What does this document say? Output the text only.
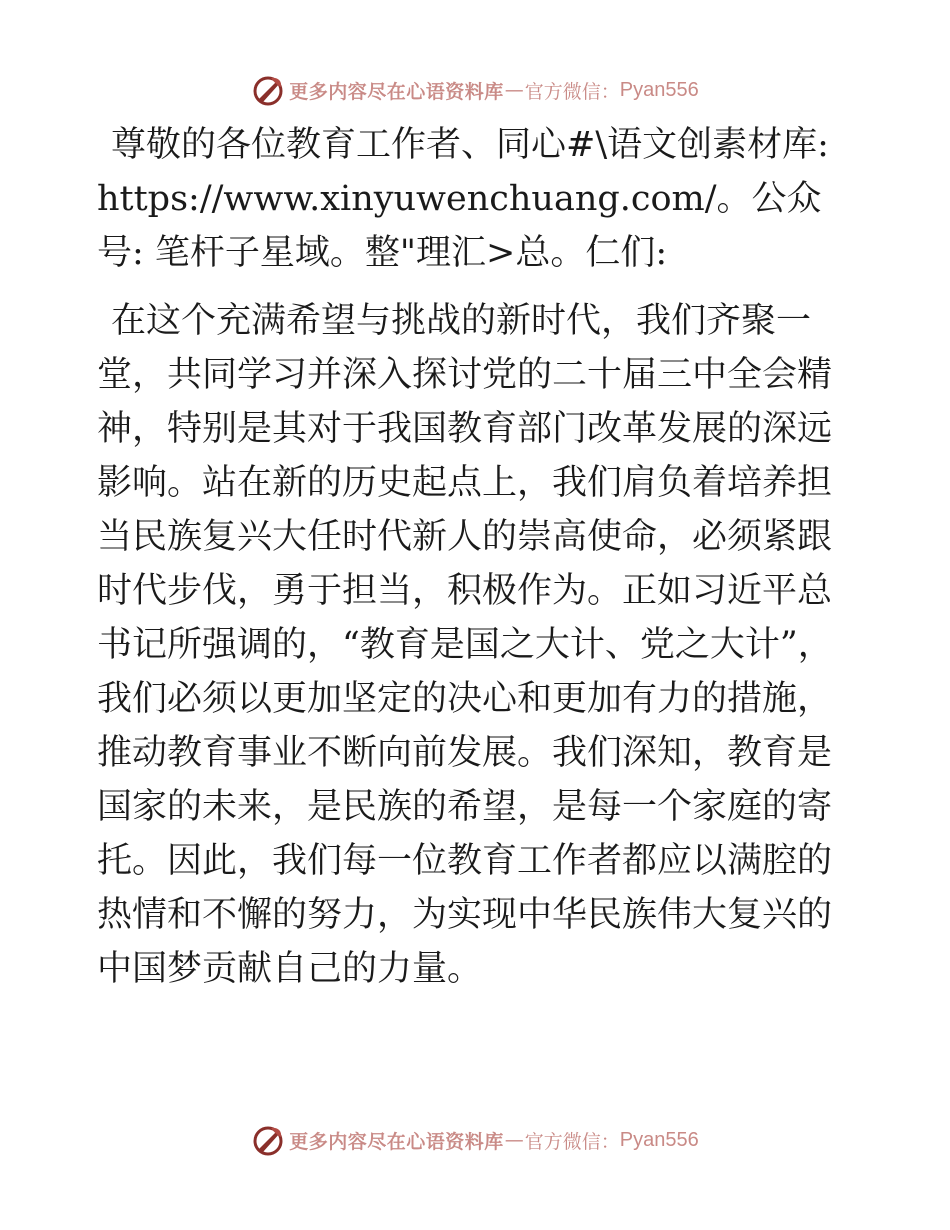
更多内容尽在心语资料库 — 官方微信： Pyan556

尊敬的各位教育工作者、同心#\语文创素材库: https://www.xinyuwenchuang.com/。公众号: 笔杆子星域。整"理汇>总。仁们:

在这个充满希望与挑战的新时代，我们齐聚一堂，共同学习并深入探讨党的二十届三中全会精神，特别是其对于我国教育部门改革发展的深远影响。站在新的历史起点上，我们肩负着培养担当民族复兴大任时代新人的崇高使命，必须紧跟时代步伐，勇于担当，积极作为。正如习近平总书记所强调的，“教育是国之大计、党之大计”，我们必须以更加坚定的决心和更加有力的措施，推动教育事业不断向前发展。我们深知，教育是国家的未来，是民族的希望，是每一个家庭的寄托。因此，我们每一位教育工作者都应以满腔的热情和不懈的努力，为实现中华民族伟大复兴的中国梦贡献自己的力量。

更多内容尽在心语资料库 — 官方微信： Pyan556
